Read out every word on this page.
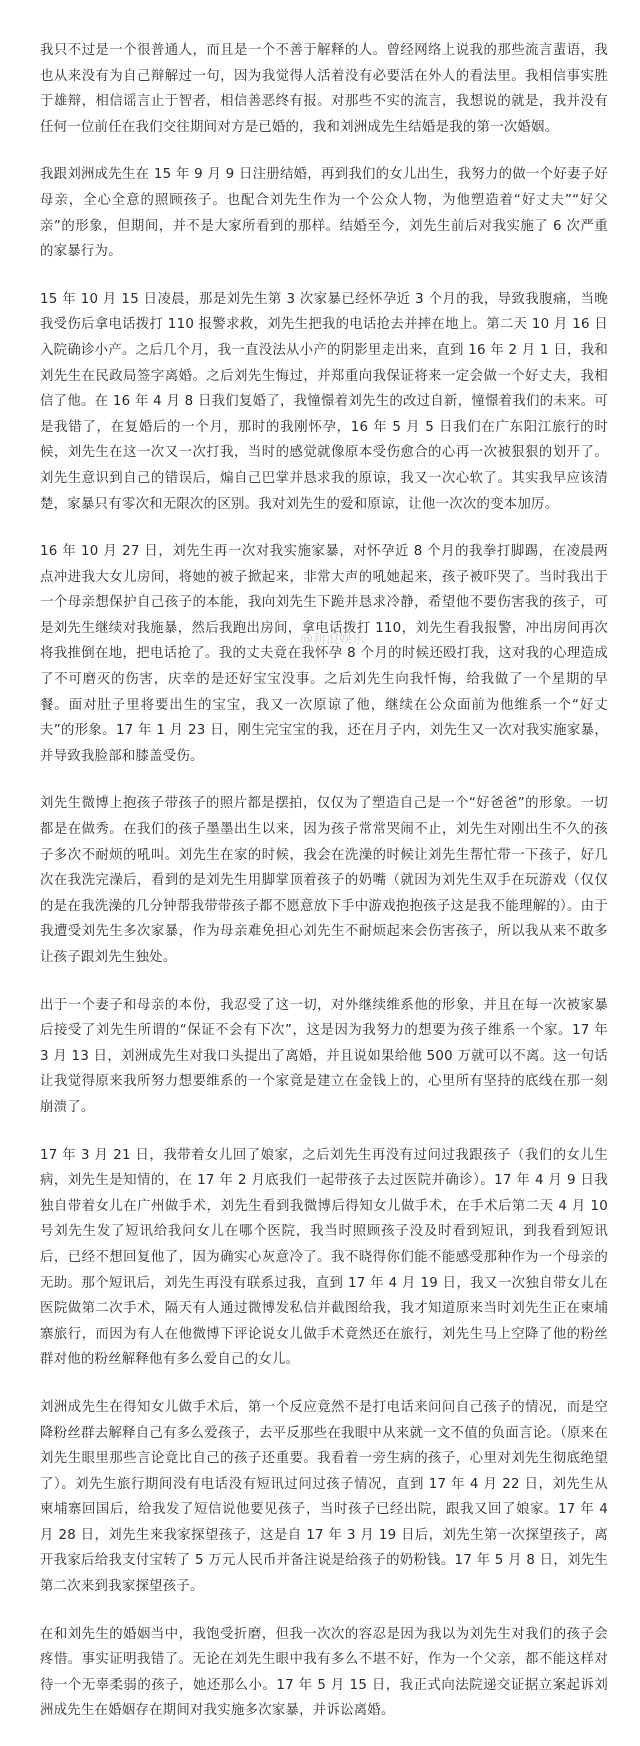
我只不过是一个很普通人，而且是一个不善于解释的人。曾经网络上说我的那些流言蜚语，我也从来没有为自己辩解过一句，因为我觉得人活着没有必要活在外人的看法里。我相信事实胜于雄辩，相信谣言止于智者，相信善恶终有报。对那些不实的流言，我想说的就是，我并没有任何一位前任在我们交往期间对方是已婚的，我和刘洲成先生结婚是我的第一次婚姻。

我跟刘洲成先生在 15 年 9 月 9 日注册结婚，再到我们的女儿出生，我努力的做一个好妻子好母亲，全心全意的照顾孩子。也配合刘先生作为一个公众人物，为他塑造着“好丈夫”“好父亲”的形象，但期间，并不是大家所看到的那样。结婚至今，刘先生前后对我实施了 6 次严重的家暴行为。

15 年 10 月 15 日凌晨，那是刘先生第 3 次家暴已经怀孕近 3 个月的我，导致我腹痛，当晚我受伤后拿电话拨打 110 报警求救，刘先生把我的电话抢去并摔在地上。第二天 10 月 16 日入院确诊小产。之后几个月，我一直没法从小产的阴影里走出来，直到 16 年 2 月 1 日，我和刘先生在民政局签字离婚。之后刘先生悔过，并郑重向我保证将来一定会做一个好丈夫，我相信了他。在 16 年 4 月 8 日我们复婚了，我憧憬着刘先生的改过自新，憧憬着我们的未来。可是我错了，在复婚后的一个月，那时的我刚怀孕，16 年 5 月 5 日我们在广东阳江旅行的时候，刘先生在这一次又一次打我，当时的感觉就像原本受伤愈合的心再一次被狠狠的划开了。刘先生意识到自己的错误后，煽自己巴掌并恳求我的原谅，我又一次心软了。其实我早应该清楚，家暴只有零次和无限次的区别。我对刘先生的爱和原谅，让他一次次的变本加厉。

16 年 10 月 27 日，刘先生再一次对我实施家暴，对怀孕近 8 个月的我拳打脚踢，在凌晨两点冲进我大女儿房间，将她的被子掀起来，非常大声的吼她起来，孩子被吓哭了。当时我出于一个母亲想保护自己孩子的本能，我向刘先生下跪并恳求冷静，希望他不要伤害我的孩子，可是刘先生继续对我施暴，然后我跑出房间，拿电话拨打 110，刘先生看我报警，冲出房间再次将我推倒在地，把电话抢了。我的丈夫竟在我怀孕 8 个月的时候还殴打我，这对我的心理造成了不可磨灭的伤害，庆幸的是还好宝宝没事。之后刘先生向我忏悔，给我做了一个星期的早餐。面对肚子里将要出生的宝宝，我又一次原谅了他，继续在公众面前为他维系一个“好丈夫”的形象。17 年 1 月 23 日，刚生完宝宝的我，还在月子内，刘先生又一次对我实施家暴，并导致我脸部和膝盖受伤。

刘先生微博上抱孩子带孩子的照片都是摆拍，仅仅为了塑造自己是一个“好爸爸”的形象。一切都是在做秀。在我们的孩子墨墨出生以来，因为孩子常常哭闹不止，刘先生对刚出生不久的孩子多次不耐烦的吼叫。刘先生在家的时候，我会在洗澡的时候让刘先生帮忙带一下孩子，好几次在我洗完澡后，看到的是刘先生用脚掌顶着孩子的奶嘴（就因为刘先生双手在玩游戏（仅仅的是在我洗澡的几分钟帮我带带孩子都不愿意放下手中游戏抱抱孩子这是我不能理解的）。由于我遭受刘先生多次家暴，作为母亲难免担心刘先生不耐烦起来会伤害孩子，所以我从来不敢多让孩子跟刘先生独处。

出于一个妻子和母亲的本份，我忍受了这一切，对外继续维系他的形象，并且在每一次被家暴后接受了刘先生所谓的“保证不会有下次”，这是因为我努力的想要为孩子维系一个家。17 年 3 月 13 日，刘洲成先生对我口头提出了离婚，并且说如果给他 500 万就可以不离。这一句话让我觉得原来我所努力想要维系的一个家竟是建立在金钱上的，心里所有坚持的底线在那一刻崩溃了。

17 年 3 月 21 日，我带着女儿回了娘家，之后刘先生再没有过问过我跟孩子（我们的女儿生病，刘先生是知情的，在 17 年 2 月底我们一起带孩子去过医院并确诊）。17 年 4 月 9 日我独自带着女儿在广州做手术，刘先生看到我微博后得知女儿做手术，在手术后第二天 4 月 10 号刘先生发了短讯给我问女儿在哪个医院，我当时照顾孩子没及时看到短讯，到我看到短讯后，已经不想回复他了，因为确实心灰意冷了。我不晓得你们能不能感受那种作为一个母亲的无助。那个短讯后，刘先生再没有联系过我，直到 17 年 4 月 19 日，我又一次独自带女儿在医院做第二次手术，隔天有人通过微博发私信并截图给我，我才知道原来当时刘先生正在柬埔寨旅行，而因为有人在他微博下评论说女儿做手术竟然还在旅行，刘先生马上空降了他的粉丝群对他的粉丝解释他有多么爱自己的女儿。

刘洲成先生在得知女儿做手术后，第一个反应竟然不是打电话来问问自己孩子的情况，而是空降粉丝群去解释自己有多么爱孩子，去平反那些在我眼中从来就一文不值的负面言论。（原来在刘先生眼里那些言论竟比自己的孩子还重要。我看着一旁生病的孩子，心里对刘先生彻底绝望了）。刘先生旅行期间没有电话没有短讯过问过孩子情况，直到 17 年 4 月 22 日，刘先生从柬埔寨回国后，给我发了短信说他要见孩子，当时孩子已经出院，跟我又回了娘家。17 年 4 月 28 日，刘先生来我家探望孩子，这是自 17 年 3 月 19 日后，刘先生第一次探望孩子，离开我家后给我支付宝转了 5 万元人民币并备注说是给孩子的奶粉钱。17 年 5 月 8 日，刘先生第二次来到我家探望孩子。

在和刘先生的婚姻当中，我饱受折磨，但我一次次的容忍是因为我以为刘先生对我们的孩子会疼惜。事实证明我错了。无论在刘先生眼中我有多么不堪不好，作为一个父亲，都不能这样对待一个无辜柔弱的孩子，她还那么小。17 年 5 月 15 日，我正式向法院递交证据立案起诉刘洲成先生在婚姻存在期间对我实施多次家暴，并诉讼离婚。

@新浪娱乐
